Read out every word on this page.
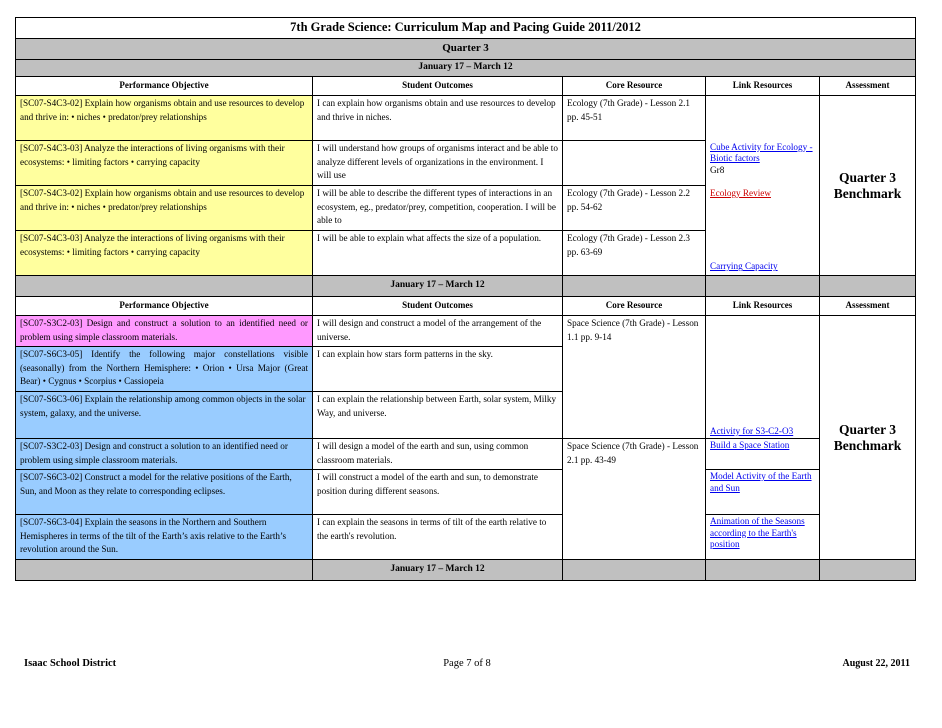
7th Grade Science: Curriculum Map and Pacing Guide 2011/2012				
Quarter 3				
January 17 – March 12				
Performance Objective	Student Outcomes	Core Resource	Link Resources	Assessment
[SC07-S4C3-02] Explain how organisms obtain and use resources to develop and thrive in: • niches • predator/prey relationships	I can explain how organisms obtain and use resources to develop and thrive in niches.	Ecology (7th Grade) - Lesson 2.1 pp. 45-51		Quarter 3 Benchmark
[SC07-S4C3-03] Analyze the interactions of living organisms with their ecosystems: • limiting factors • carrying capacity	I will understand how groups of organisms interact and be able to analyze different levels of organizations in the environment. I will use		Cube Activity for Ecology - Biotic factors
Gr8	
[SC07-S4C3-02] Explain how organisms obtain and use resources to develop and thrive in: • niches • predator/prey relationships	I will be able to describe the different types of interactions in an ecosystem, eg., predator/prey, competition, cooperation. I will be able to	Ecology (7th Grade) - Lesson 2.2 pp. 54-62	Ecology Review	
[SC07-S4C3-03] Analyze the interactions of living organisms with their ecosystems: • limiting factors • carrying capacity	I will be able to explain what affects the size of a population.	Ecology (7th Grade) - Lesson 2.3 pp. 63-69	Carrying Capacity	
	January 17 – March 12			
Performance Objective	Student Outcomes	Core Resource	Link Resources	Assessment
[SC07-S3C2-03] Design and construct a solution to an identified need or problem using simple classroom materials.	I will design and construct a model of the arrangement of the universe.	Space Science (7th Grade) - Lesson 1.1 pp. 9-14	Activity for S3-C2-O3	Quarter 3 Benchmark
[SC07-S6C3-05] Identify the following major constellations visible (seasonally) from the Northern Hemisphere: • Orion • Ursa Major (Great Bear) • Cygnus • Scorpius • Cassiopeia	I can explain how stars form patterns in the sky.			
[SC07-S6C3-06] Explain the relationship among common objects in the solar system, galaxy, and the universe.	I can explain the relationship between Earth, solar system, Milky Way, and universe.			
[SC07-S3C2-03] Design and construct a solution to an identified need or problem using simple classroom materials.	I will design a model of the earth and sun, using common classroom materials.	Space Science (7th Grade) - Lesson 2.1 pp. 43-49	Build a Space Station	
[SC07-S6C3-02] Construct a model for the relative positions of the Earth, Sun, and Moon as they relate to corresponding eclipses.	I will construct a model of the earth and sun, to demonstrate position during different seasons.		Model Activity of the Earth and Sun	
[SC07-S6C3-04] Explain the seasons in the Northern and Southern Hemispheres in terms of the tilt of the Earth’s axis relative to the Earth’s revolution around the Sun.	I can explain the seasons in terms of tilt of the earth relative to the earth's revolution.		Animation of the Seasons according to the Earth's position	
	January 17 – March 12			
Isaac School District	Page 7 of 8	August 22, 2011
